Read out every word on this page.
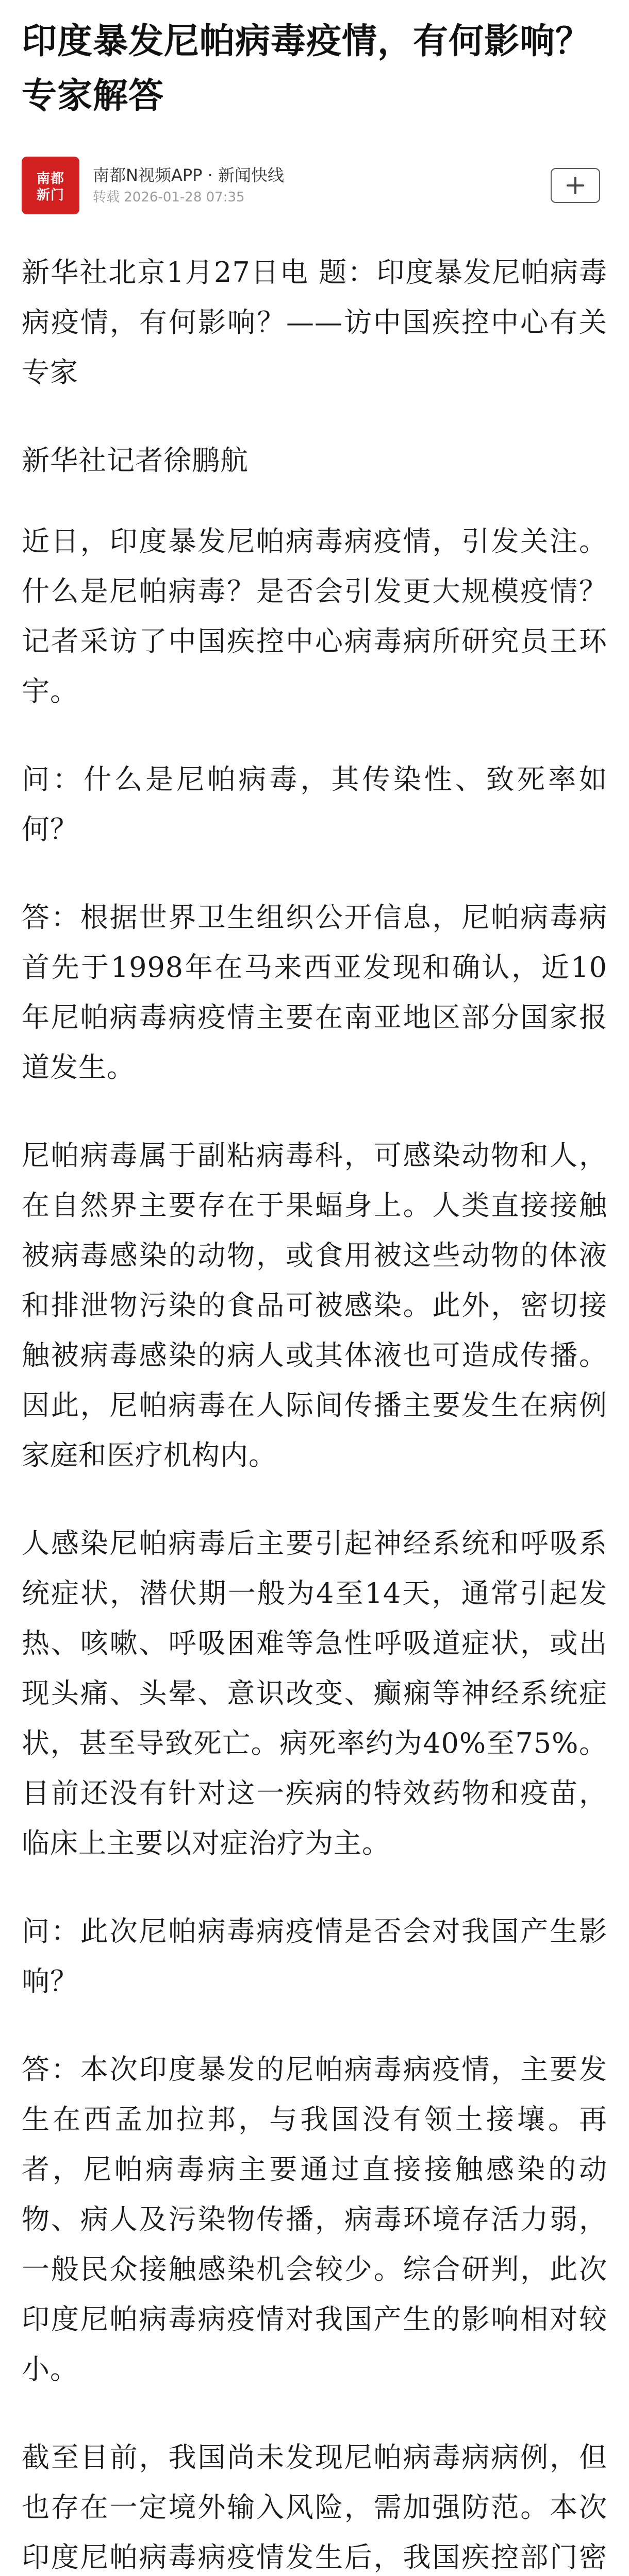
印度暴发尼帕病毒疫情，有何影响？专家解答
南都
新门
南都N视频APP · 新闻快线
转载 2026-01-28 07:35

新华社北京1月27日电 题：印度暴发尼帕病毒病疫情，有何影响？——访中国疾控中心有关专家

新华社记者徐鹏航

近日，印度暴发尼帕病毒病疫情，引发关注。什么是尼帕病毒？是否会引发更大规模疫情？记者采访了中国疾控中心病毒病所研究员王环宇。

问：什么是尼帕病毒，其传染性、致死率如何？

答：根据世界卫生组织公开信息，尼帕病毒病首先于1998年在马来西亚发现和确认，近10年尼帕病毒病疫情主要在南亚地区部分国家报道发生。

尼帕病毒属于副粘病毒科，可感染动物和人，在自然界主要存在于果蝠身上。人类直接接触被病毒感染的动物，或食用被这些动物的体液和排泄物污染的食品可被感染。此外，密切接触被病毒感染的病人或其体液也可造成传播。因此，尼帕病毒在人际间传播主要发生在病例家庭和医疗机构内。

人感染尼帕病毒后主要引起神经系统和呼吸系统症状，潜伏期一般为4至14天，通常引起发热、咳嗽、呼吸困难等急性呼吸道症状，或出现头痛、头晕、意识改变、癫痫等神经系统症状，甚至导致死亡。病死率约为40%至75%。目前还没有针对这一疾病的特效药物和疫苗，临床上主要以对症治疗为主。

问：此次尼帕病毒病疫情是否会对我国产生影响？

答：本次印度暴发的尼帕病毒病疫情，主要发生在西孟加拉邦，与我国没有领土接壤。再者，尼帕病毒病主要通过直接接触感染的动物、病人及污染物传播，病毒环境存活力弱，一般民众接触感染机会较少。综合研判，此次印度尼帕病毒病疫情对我国产生的影响相对较小。

截至目前，我国尚未发现尼帕病毒病病例，但也存在一定境外输入风险，需加强防范。本次印度尼帕病毒病疫情发生后，我国疾控部门密
